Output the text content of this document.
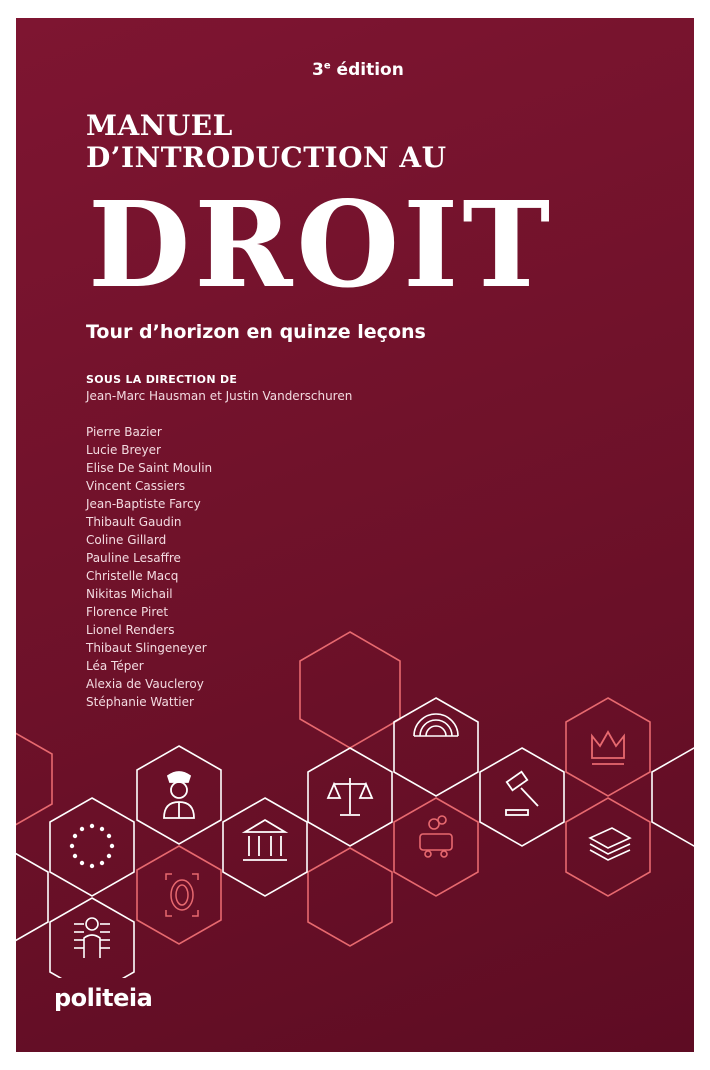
3e édition
MANUEL
D’INTRODUCTION AU
DROIT
Tour d’horizon en quinze leçons
SOUS LA DIRECTION DE
Jean-Marc Hausman et Justin Vanderschuren
Pierre Bazier
Lucie Breyer
Elise De Saint Moulin
Vincent Cassiers
Jean-Baptiste Farcy
Thibault Gaudin
Coline Gillard
Pauline Lesaffre
Christelle Macq
Nikitas Michail
Florence Piret
Lionel Renders
Thibaut Slingeneyer
Léa Téper
Alexia de Vaucleroy
Stéphanie Wattier
politeia
